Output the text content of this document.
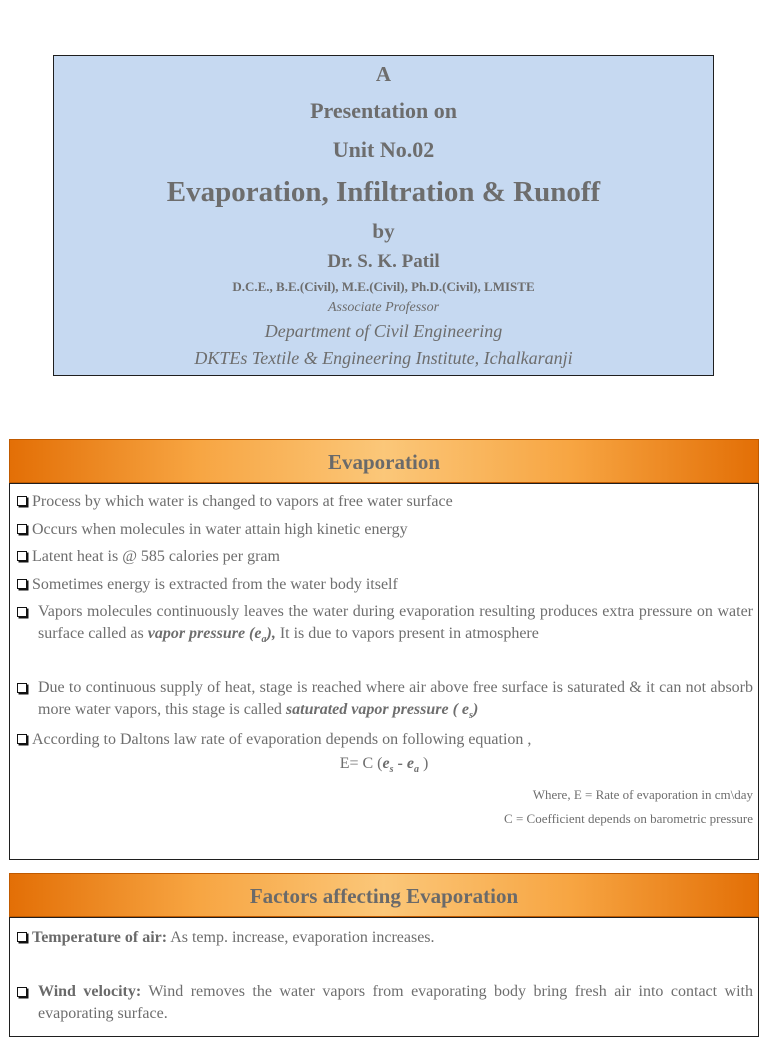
A
Presentation on
Unit No.02
Evaporation, Infiltration & Runoff
by
Dr. S. K. Patil
D.C.E., B.E.(Civil), M.E.(Civil), Ph.D.(Civil), LMISTE
Associate Professor
Department of Civil Engineering
DKTEs Textile & Engineering Institute, Ichalkaranji
Evaporation
Process by which water is changed to vapors at free water surface
Occurs when molecules in water attain high kinetic energy
Latent heat is @ 585 calories per gram
Sometimes energy is extracted from the water body itself
Vapors molecules continuously leaves the water during evaporation resulting produces extra pressure on water surface called as vapor pressure $(e_a)$, It is due to vapors present in atmosphere
Due to continuous supply of heat, stage is reached where air above free surface is saturated & it can not absorb more water vapors, this stage is called saturated vapor pressure ( $e_s$)
According to Daltons law rate of evaporation depends on following equation ,
E= C ($e_s - e_a$ )
Where, E = Rate of evaporation in cm\day
C = Coefficient depends on barometric pressure
Factors affecting Evaporation
Temperature of air: As temp. increase, evaporation increases.
Wind velocity: Wind removes the water vapors from evaporating body bring fresh air into contact with evaporating surface.
